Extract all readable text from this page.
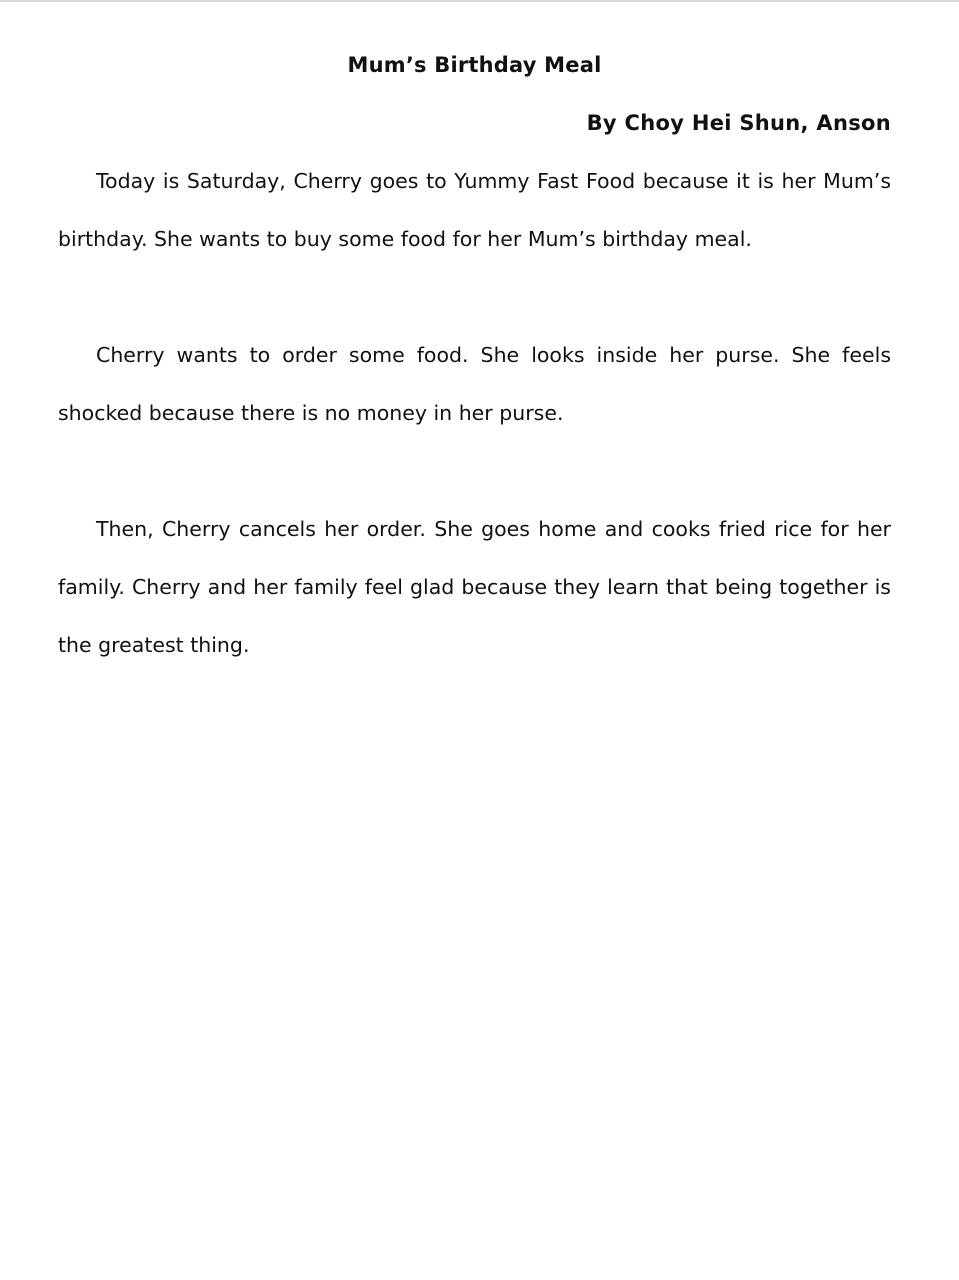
Mum’s Birthday Meal

By Choy Hei Shun, Anson

Today is Saturday, Cherry goes to Yummy Fast Food because it is her Mum’s birthday. She wants to buy some food for her Mum’s birthday meal.

Cherry wants to order some food. She looks inside her purse. She feels shocked because there is no money in her purse.

Then, Cherry cancels her order. She goes home and cooks fried rice for her family. Cherry and her family feel glad because they learn that being together is the greatest thing.
